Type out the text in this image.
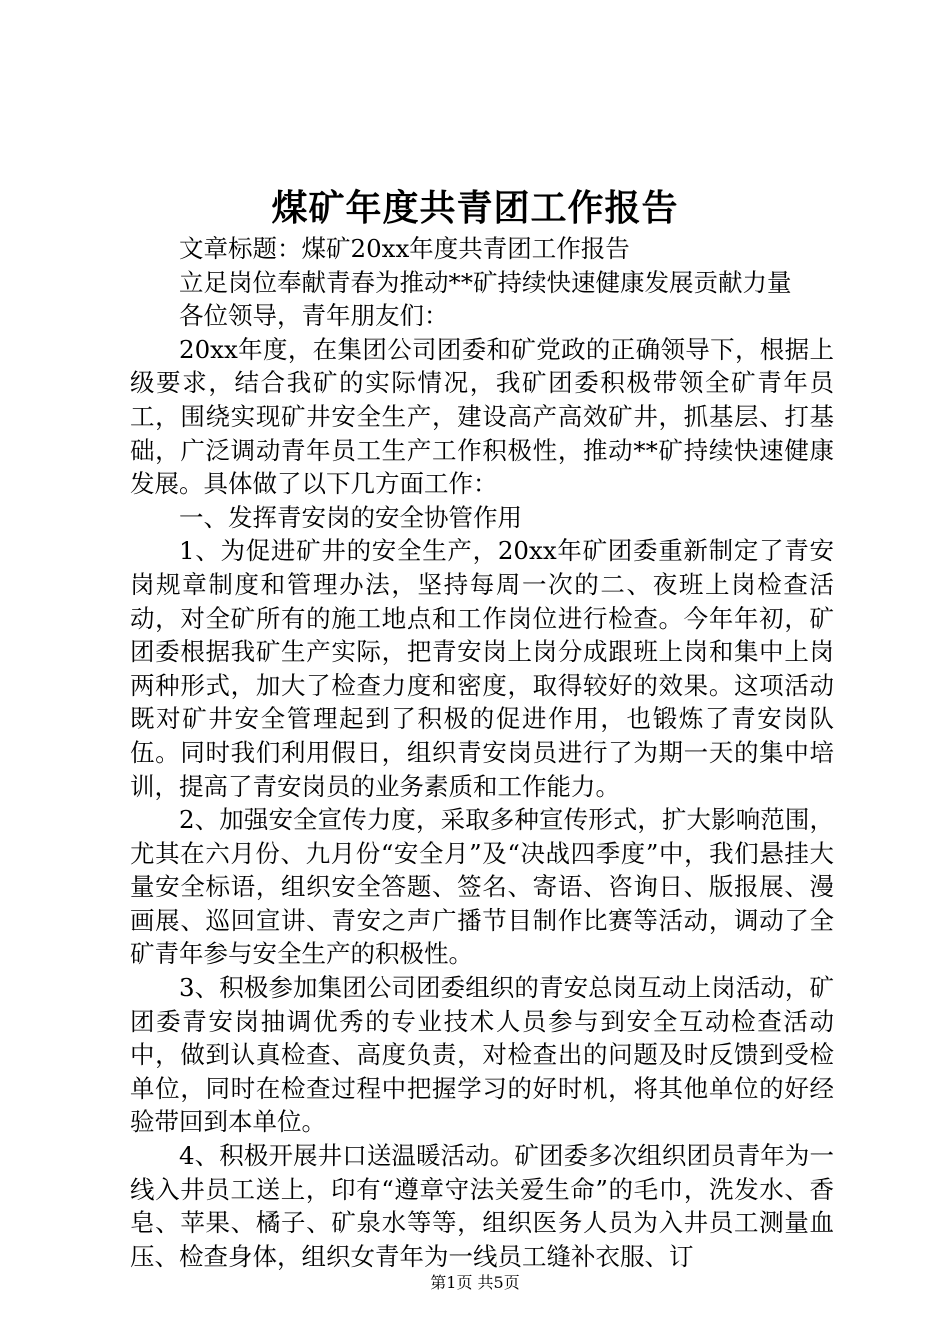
煤矿年度共青团工作报告

文章标题：煤矿20xx年度共青团工作报告

立足岗位奉献青春为推动**矿持续快速健康发展贡献力量

各位领导，青年朋友们：

20xx年度，在集团公司团委和矿党政的正确领导下，根据上级要求，结合我矿的实际情况，我矿团委积极带领全矿青年员工，围绕实现矿井安全生产，建设高产高效矿井，抓基层、打基础，广泛调动青年员工生产工作积极性，推动**矿持续快速健康发展。具体做了以下几方面工作：

一、发挥青安岗的安全协管作用

1、为促进矿井的安全生产，20xx年矿团委重新制定了青安岗规章制度和管理办法，坚持每周一次的二、夜班上岗检查活动，对全矿所有的施工地点和工作岗位进行检查。今年年初，矿团委根据我矿生产实际，把青安岗上岗分成跟班上岗和集中上岗两种形式，加大了检查力度和密度，取得较好的效果。这项活动既对矿井安全管理起到了积极的促进作用，也锻炼了青安岗队伍。同时我们利用假日，组织青安岗员进行了为期一天的集中培训，提高了青安岗员的业务素质和工作能力。

2、加强安全宣传力度，采取多种宣传形式，扩大影响范围，尤其在六月份、九月份“安全月”及“决战四季度”中，我们悬挂大量安全标语，组织安全答题、签名、寄语、咨询日、版报展、漫画展、巡回宣讲、青安之声广播节目制作比赛等活动，调动了全矿青年参与安全生产的积极性。

3、积极参加集团公司团委组织的青安总岗互动上岗活动，矿团委青安岗抽调优秀的专业技术人员参与到安全互动检查活动中，做到认真检查、高度负责，对检查出的问题及时反馈到受检单位，同时在检查过程中把握学习的好时机，将其他单位的好经验带回到本单位。

4、积极开展井口送温暖活动。矿团委多次组织团员青年为一线入井员工送上，印有“遵章守法关爱生命”的毛巾，洗发水、香皂、苹果、橘子、矿泉水等等，组织医务人员为入井员工测量血压、检查身体，组织女青年为一线员工缝补衣服、订

第1页 共5页
